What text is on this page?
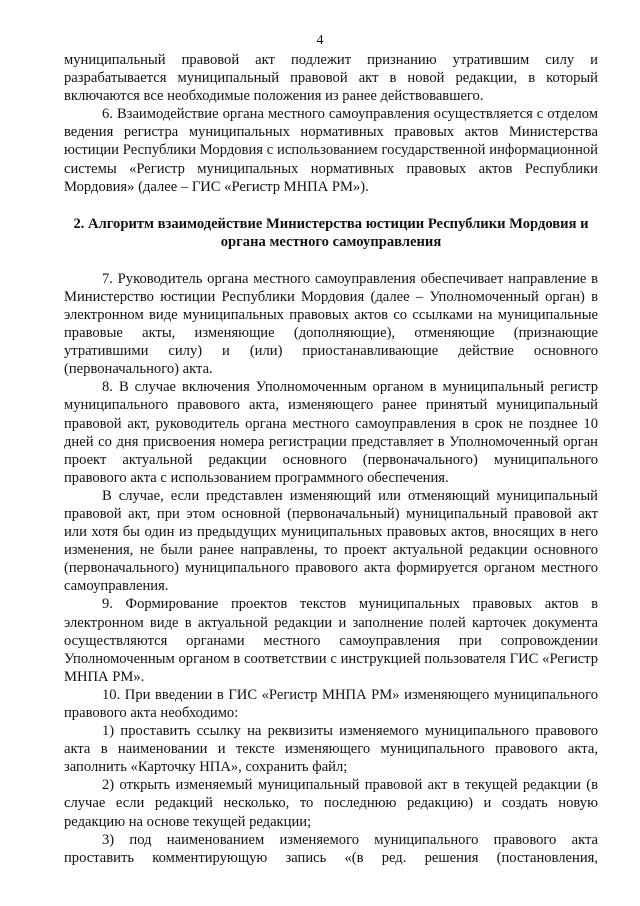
4

муниципальный правовой акт подлежит признанию утратившим силу и разрабатывается муниципальный правовой акт в новой редакции, в который включаются все необходимые положения из ранее действовавшего.

6. Взаимодействие органа местного самоуправления осуществляется с отделом ведения регистра муниципальных нормативных правовых актов Министерства юстиции Республики Мордовия с использованием государственной информационной системы «Регистр муниципальных нормативных правовых актов Республики Мордовия» (далее – ГИС «Регистр МНПА РМ»).

2. Алгоритм взаимодействие Министерства юстиции Республики Мордовия и органа местного самоуправления

7. Руководитель органа местного самоуправления обеспечивает направление в Министерство юстиции Республики Мордовия (далее – Уполномоченный орган) в электронном виде муниципальных правовых актов со ссылками на муниципальные правовые акты, изменяющие (дополняющие), отменяющие (признающие утратившими силу) и (или) приостанавливающие действие основного (первоначального) акта.

8. В случае включения Уполномоченным органом в муниципальный регистр муниципального правового акта, изменяющего ранее принятый муниципальный правовой акт, руководитель органа местного самоуправления в срок не позднее 10 дней со дня присвоения номера регистрации представляет в Уполномоченный орган проект актуальной редакции основного (первоначального) муниципального правового акта с использованием программного обеспечения.

В случае, если представлен изменяющий или отменяющий муниципальный правовой акт, при этом основной (первоначальный) муниципальный правовой акт или хотя бы один из предыдущих муниципальных правовых актов, вносящих в него изменения, не были ранее направлены, то проект актуальной редакции основного (первоначального) муниципального правового акта формируется органом местного самоуправления.

9. Формирование проектов текстов муниципальных правовых актов в электронном виде в актуальной редакции и заполнение полей карточек документа осуществляются органами местного самоуправления при сопровождении Уполномоченным органом в соответствии с инструкцией пользователя ГИС «Регистр МНПА РМ».

10. При введении в ГИС «Регистр МНПА РМ» изменяющего муниципального правового акта необходимо:

1) проставить ссылку на реквизиты изменяемого муниципального правового акта в наименовании и тексте изменяющего муниципального правового акта, заполнить «Карточку НПА», сохранить файл;

2) открыть изменяемый муниципальный правовой акт в текущей редакции (в случае если редакций несколько, то последнюю редакцию) и создать новую редакцию на основе текущей редакции;

3) под наименованием изменяемого муниципального правового акта проставить комментирующую запись «(в ред. решения (постановления,
